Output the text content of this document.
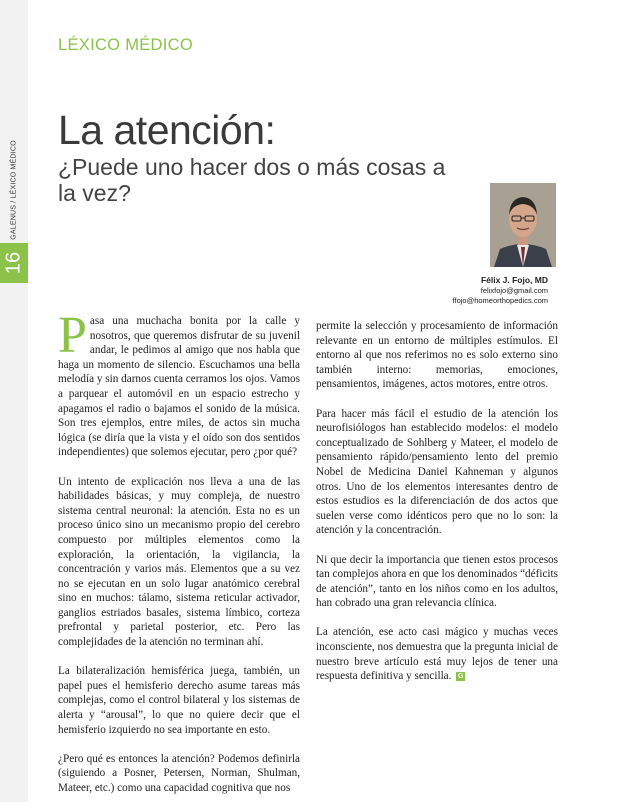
GALENUS / LÉXICO MÉDICO
16
LÉXICO MÉDICO
La atención:
¿Puede uno hacer dos o más cosas a la vez?
Félix J. Fojo, MD
felixfojo@gmail.com
ffojo@homeorthopedics.com

Pasa una muchacha bonita por la calle y nosotros, que queremos disfrutar de su juvenil andar, le pedimos al amigo que nos habla que haga un momento de silencio. Escuchamos una bella melodía y sin darnos cuenta cerramos los ojos. Vamos a parquear el automóvil en un espacio estrecho y apagamos el radio o bajamos el sonido de la música. Son tres ejemplos, entre miles, de actos sin mucha lógica (se diría que la vista y el oído son dos sentidos independientes) que solemos ejecutar, pero ¿por qué?

Un intento de explicación nos lleva a una de las habilidades básicas, y muy compleja, de nuestro sistema central neuronal: la atención. Esta no es un proceso único sino un mecanismo propio del cerebro compuesto por múltiples elementos como la exploración, la orientación, la vigilancia, la concentración y varios más. Elementos que a su vez no se ejecutan en un solo lugar anatómico cerebral sino en muchos: tálamo, sistema reticular activador, ganglios estriados basales, sistema límbico, corteza prefrontal y parietal posterior, etc. Pero las complejidades de la atención no terminan ahí.

La bilateralización hemisférica juega, también, un papel pues el hemisferio derecho asume tareas más complejas, como el control bilateral y los sistemas de alerta y “arousal”, lo que no quiere decir que el hemisferio izquierdo no sea importante en esto.

¿Pero qué es entonces la atención? Podemos definirla (siguiendo a Posner, Petersen, Norman, Shulman, Mateer, etc.) como una capacidad cognitiva que nos

permite la selección y procesamiento de información relevante en un entorno de múltiples estímulos. El entorno al que nos referimos no es solo externo sino también interno: memorias, emociones, pensamientos, imágenes, actos motores, entre otros.

Para hacer más fácil el estudio de la atención los neurofisiólogos han establecido modelos: el modelo conceptualizado de Sohlberg y Mateer, el modelo de pensamiento rápido/pensamiento lento del premio Nobel de Medicina Daniel Kahneman y algunos otros. Uno de los elementos interesantes dentro de estos estudios es la diferenciación de dos actos que suelen verse como idénticos pero que no lo son: la atención y la concentración.

Ni que decir la importancia que tienen estos procesos tan complejos ahora en que los denominados “déficits de atención”, tanto en los niños como en los adultos, han cobrado una gran relevancia clínica.

La atención, ese acto casi mágico y muchas veces inconsciente, nos demuestra que la pregunta inicial de nuestro breve artículo está muy lejos de tener una respuesta definitiva y sencilla. G
